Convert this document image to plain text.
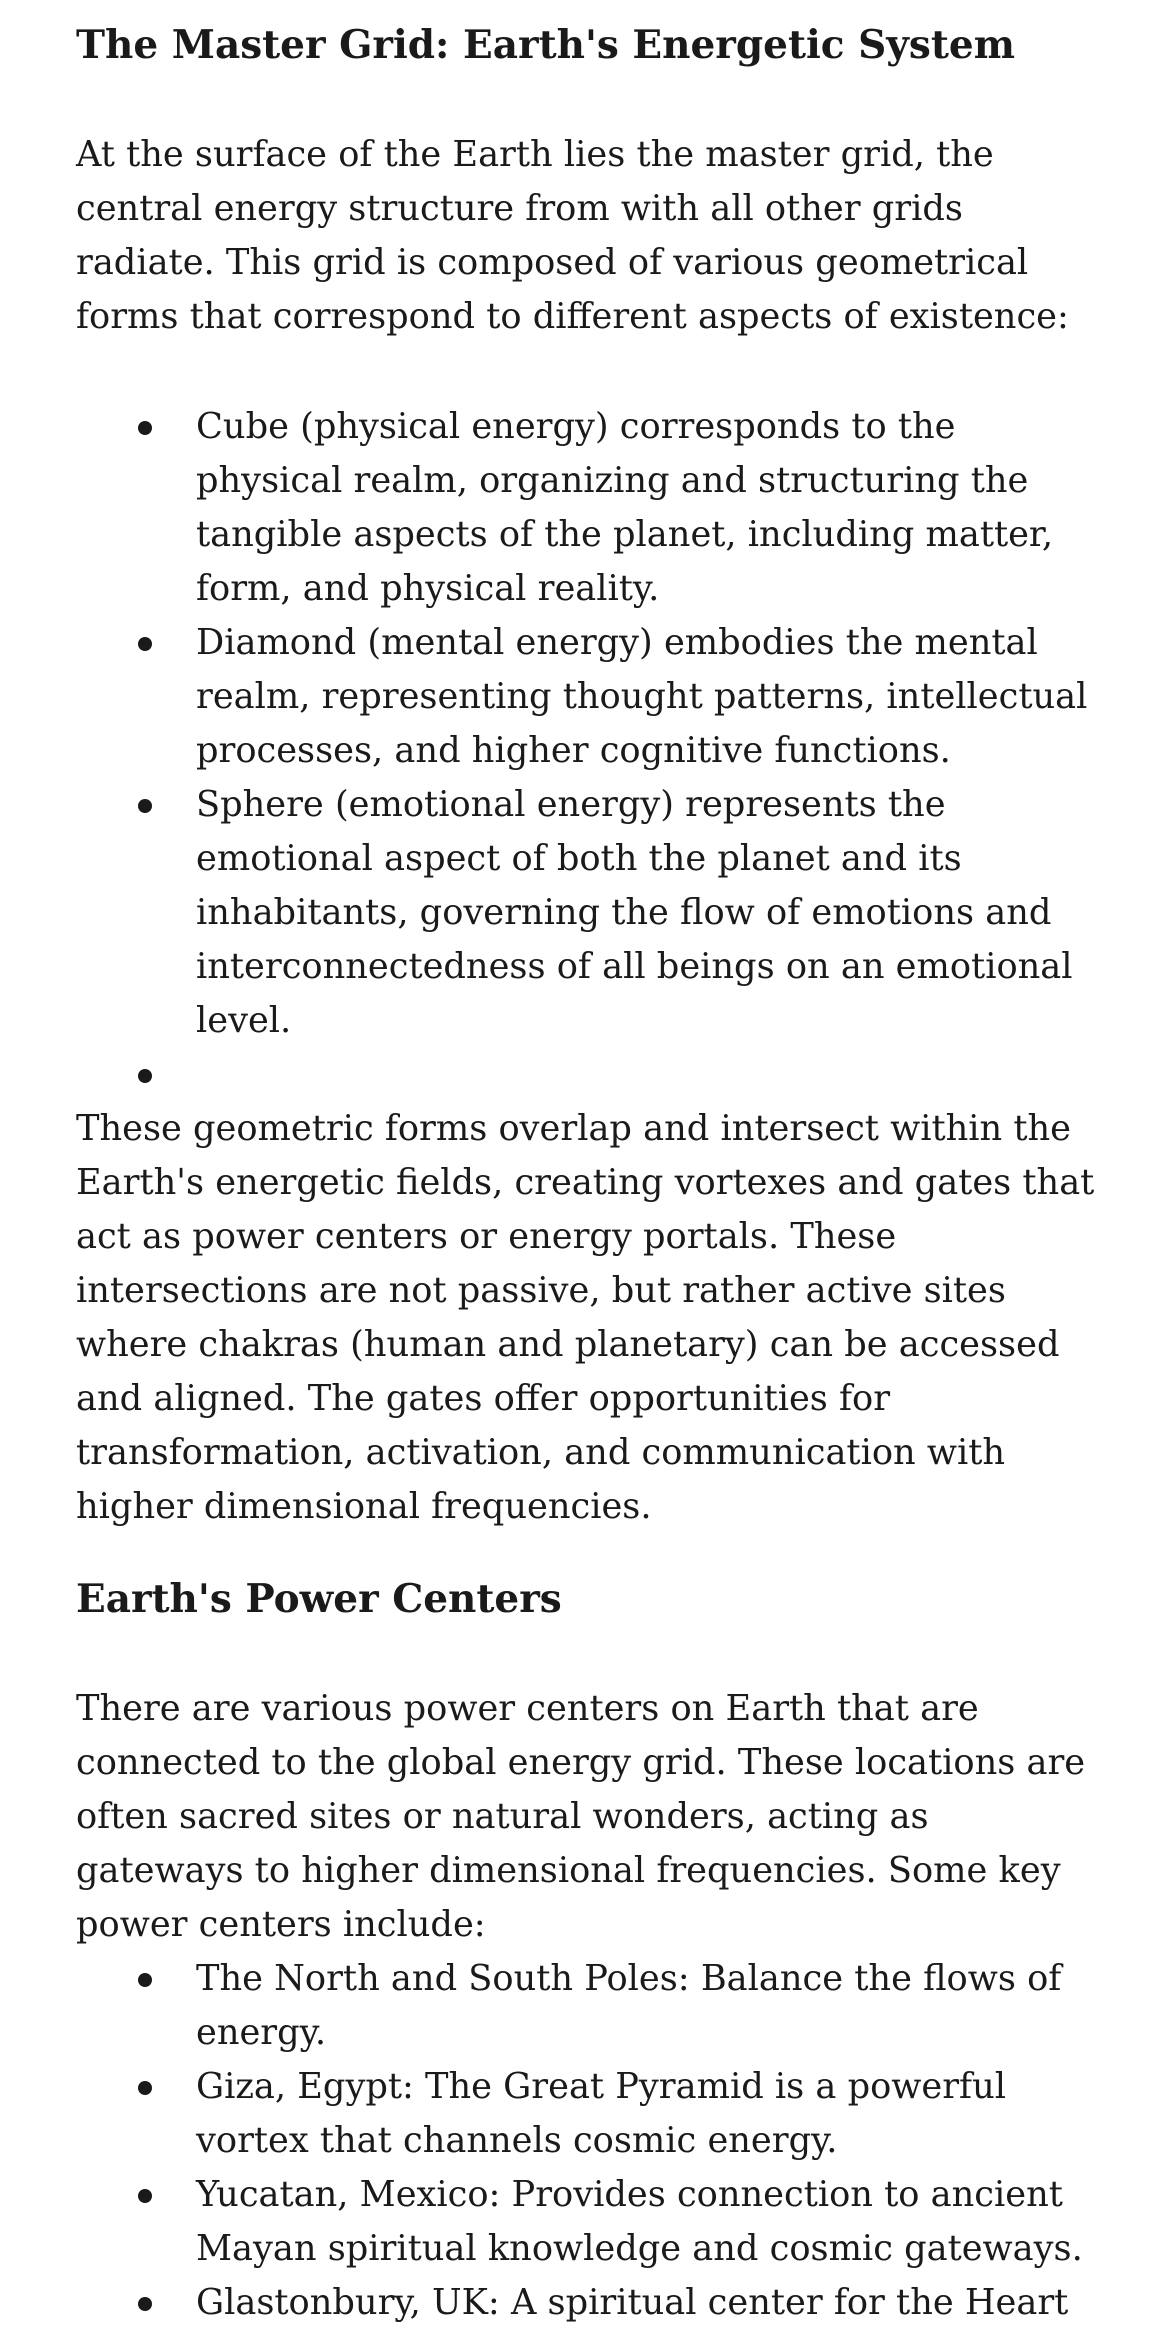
The Master Grid: Earth's Energetic System

At the surface of the Earth lies the master grid, the central energy structure from with all other grids radiate. This grid is composed of various geometrical forms that correspond to different aspects of existence:

Cube (physical energy) corresponds to the physical realm, organizing and structuring the tangible aspects of the planet, including matter, form, and physical reality.
Diamond (mental energy) embodies the mental realm, representing thought patterns, intellectual processes, and higher cognitive functions.
Sphere (emotional energy) represents the emotional aspect of both the planet and its inhabitants, governing the flow of emotions and interconnectedness of all beings on an emotional level.

These geometric forms overlap and intersect within the Earth's energetic fields, creating vortexes and gates that act as power centers or energy portals. These intersections are not passive, but rather active sites where chakras (human and planetary) can be accessed and aligned. The gates offer opportunities for transformation, activation, and communication with higher dimensional frequencies.

Earth's Power Centers

There are various power centers on Earth that are connected to the global energy grid. These locations are often sacred sites or natural wonders, acting as gateways to higher dimensional frequencies. Some key power centers include:

The North and South Poles: Balance the flows of energy.
Giza, Egypt: The Great Pyramid is a powerful vortex that channels cosmic energy.
Yucatan, Mexico: Provides connection to ancient Mayan spiritual knowledge and cosmic gateways.
Glastonbury, UK: A spiritual center for the Heart
